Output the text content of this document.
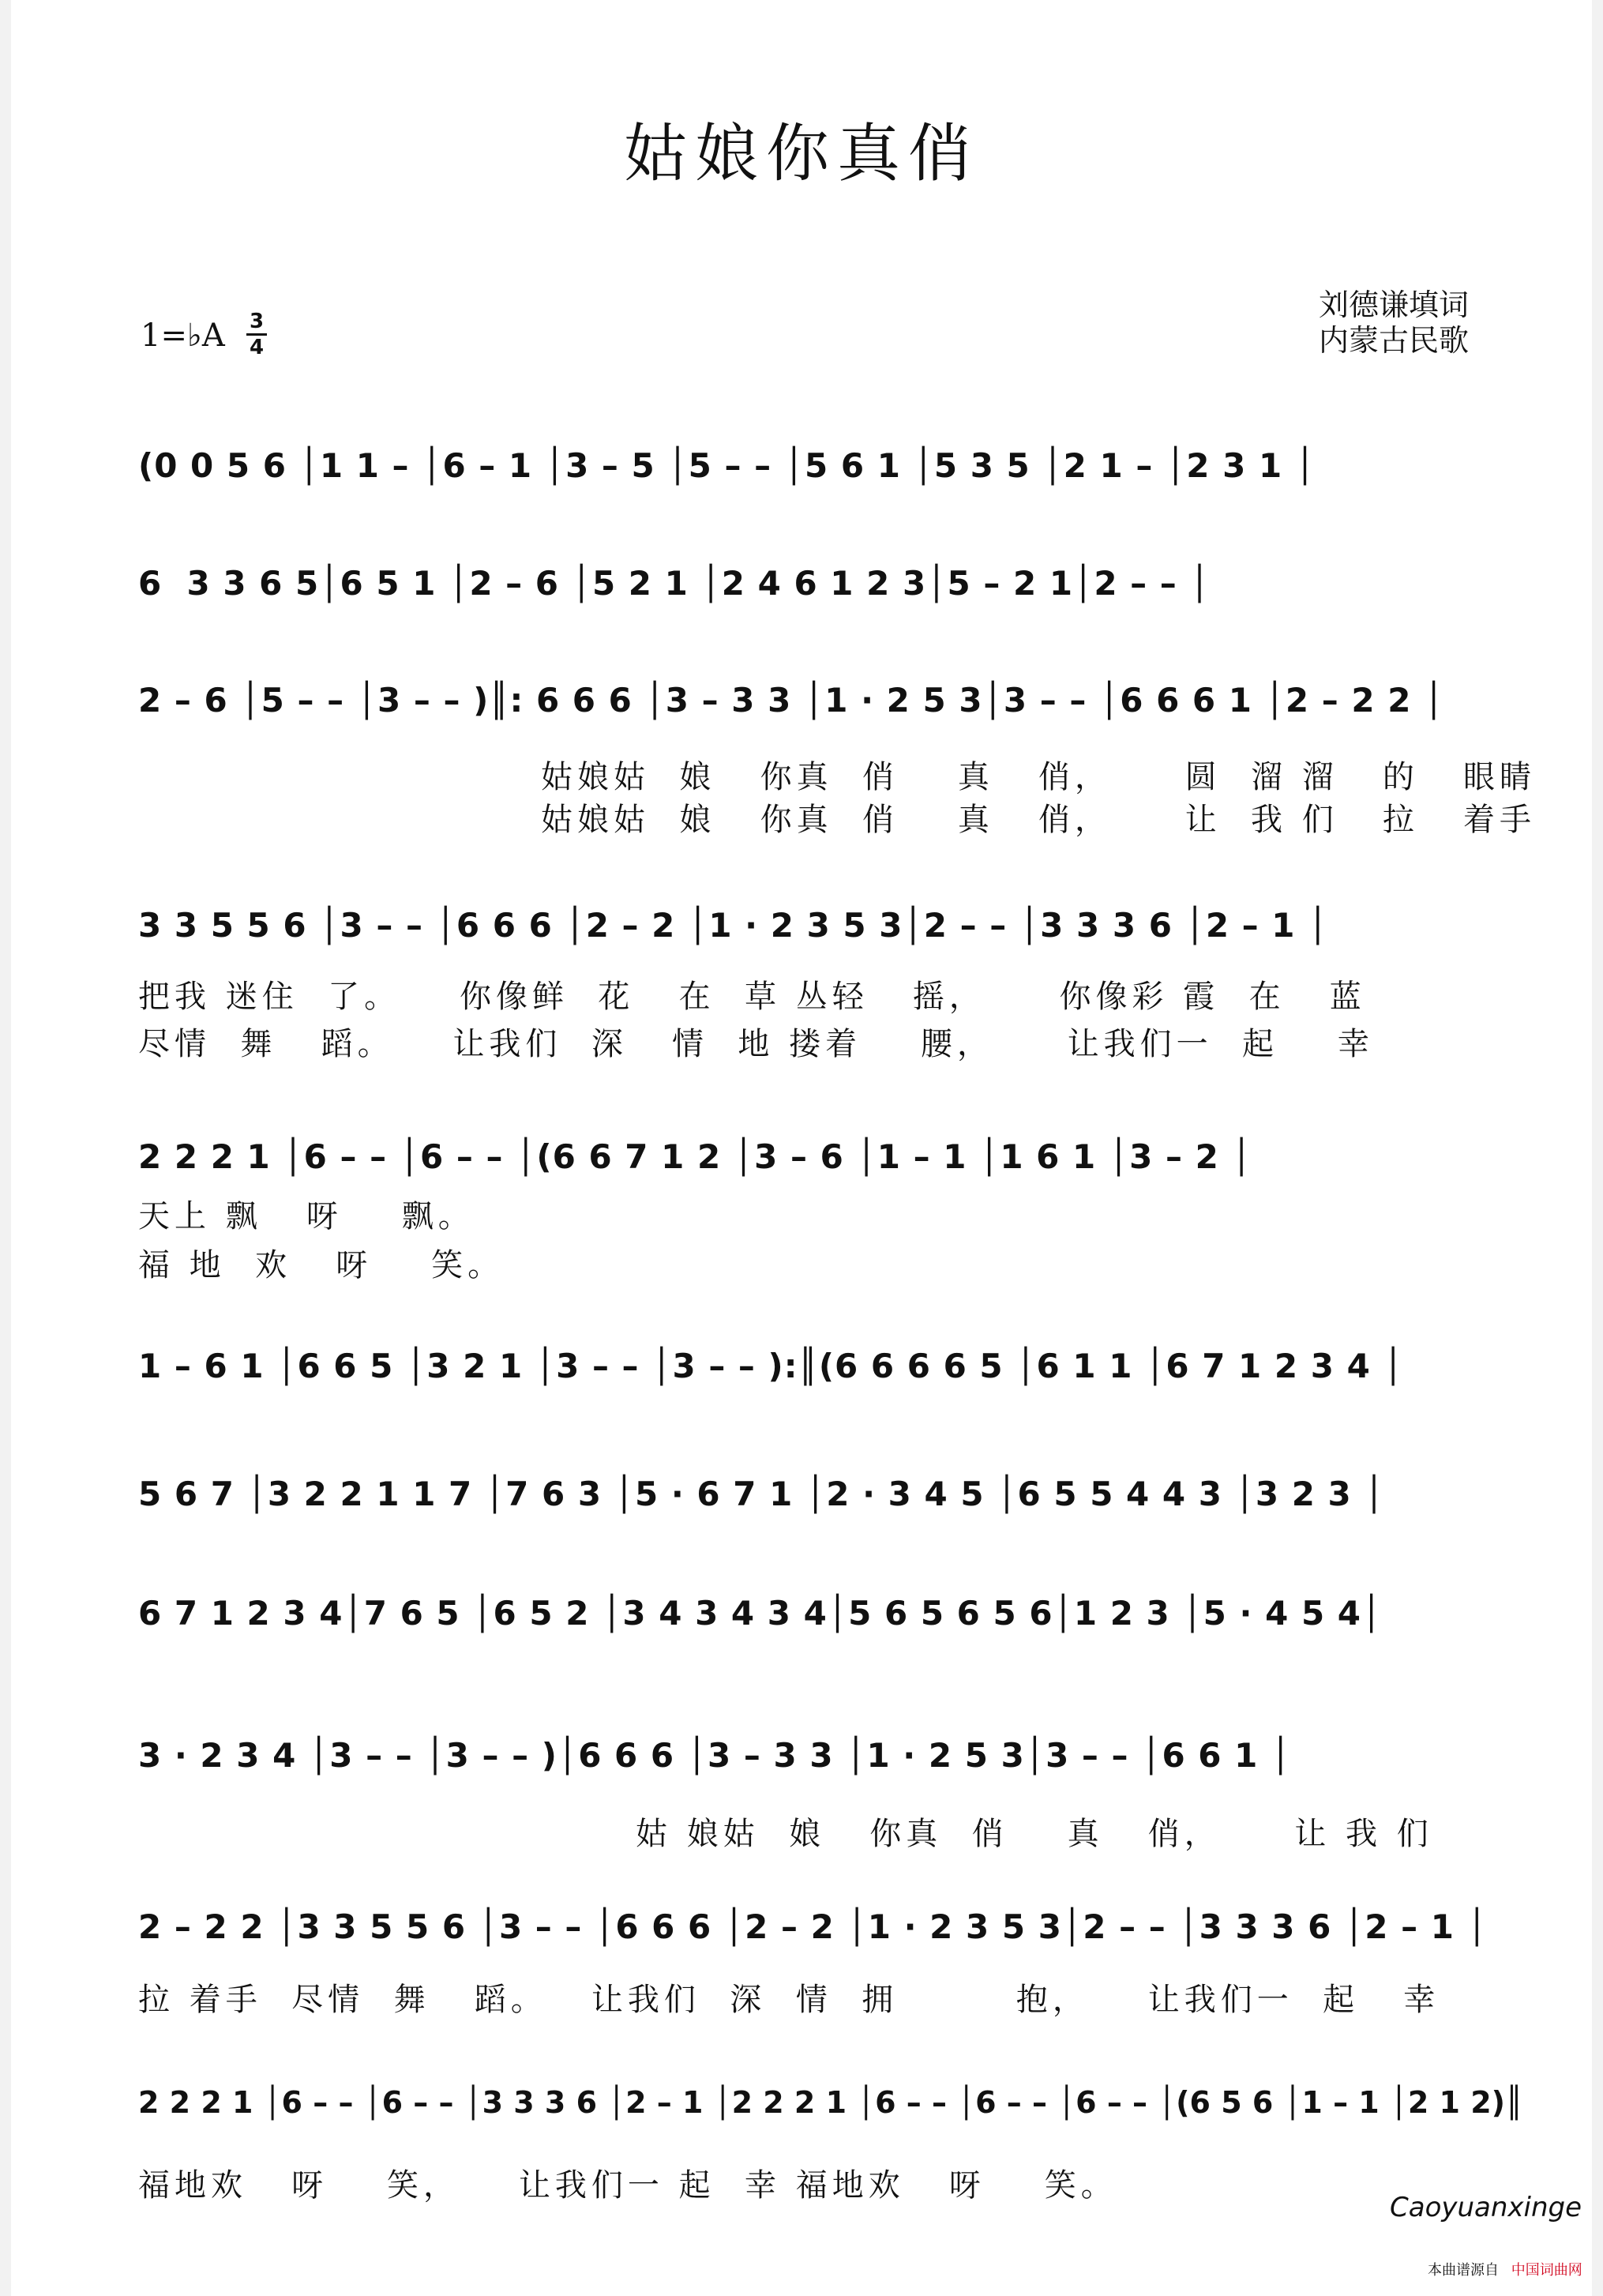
姑娘你真俏
刘德谦填词
内蒙古民歌
1=♭A 3
4
(0 0 5 6 │1 1 – │6 – 1 │3 – 5 │5 – – │5 6 1 │5 3 5 │2 1 – │2 3 1 │
6  3 3 6 5│6 5 1 │2 – 6 │5 2 1 │2 4 6 1 2 3│5 – 2 1│2 – – │
2 – 6 │5 – – │3 – – )║: 6 6 6 │3 – 3 3 │1 · 2 5 3│3 – – │6 6 6 1 │2 – 2 2 │
姑娘姑  娘   你真  俏    真   俏，     圆  溜 溜   的   眼睛
姑娘姑  娘   你真  俏    真   俏，     让  我 们   拉   着手
3 3 5 5 6 │3 – – │6 6 6 │2 – 2 │1 · 2 3 5 3│2 – – │3 3 3 6 │2 – 1 │
把我 迷住  了。    你像鲜  花   在  草 丛轻   摇，     你像彩 霞  在   蓝
尽情  舞   蹈。    让我们  深   情  地 搂着    腰，     让我们一  起    幸
2 2 2 1 │6 – – │6 – – │(6 6 7 1 2 │3 – 6 │1 – 1 │1 6 1 │3 – 2 │
天上 飘   呀    飘。
福 地  欢   呀    笑。
1 – 6 1 │6 6 5 │3 2 1 │3 – – │3 – – ):║(6 6 6 6 5 │6 1 1 │6 7 1 2 3 4 │
5 6 7 │3 2 2 1 1 7 │7 6 3 │5 · 6 7 1 │2 · 3 4 5 │6 5 5 4 4 3 │3 2 3 │
6 7 1 2 3 4│7 6 5 │6 5 2 │3 4 3 4 3 4│5 6 5 6 5 6│1 2 3 │5 · 4 5 4│
3 · 2 3 4 │3 – – │3 – – )│6 6 6 │3 – 3 3 │1 · 2 5 3│3 – – │6 6 1 │
姑 娘姑  娘   你真  俏    真   俏，     让 我 们
2 – 2 2 │3 3 5 5 6 │3 – – │6 6 6 │2 – 2 │1 · 2 3 5 3│2 – – │3 3 3 6 │2 – 1 │
拉 着手  尽情  舞   蹈。   让我们  深  情  拥        抱，    让我们一  起   幸
2 2 2 1 │6 – – │6 – – │3 3 3 6 │2 – 1 │2 2 2 1 │6 – – │6 – – │6 – – │(6 5 6 │1 – 1 │2 1 2)║
福地欢   呀    笑，    让我们一 起  幸 福地欢   呀    笑。
Caoyuanxinge
本曲谱源自 中国词曲网
